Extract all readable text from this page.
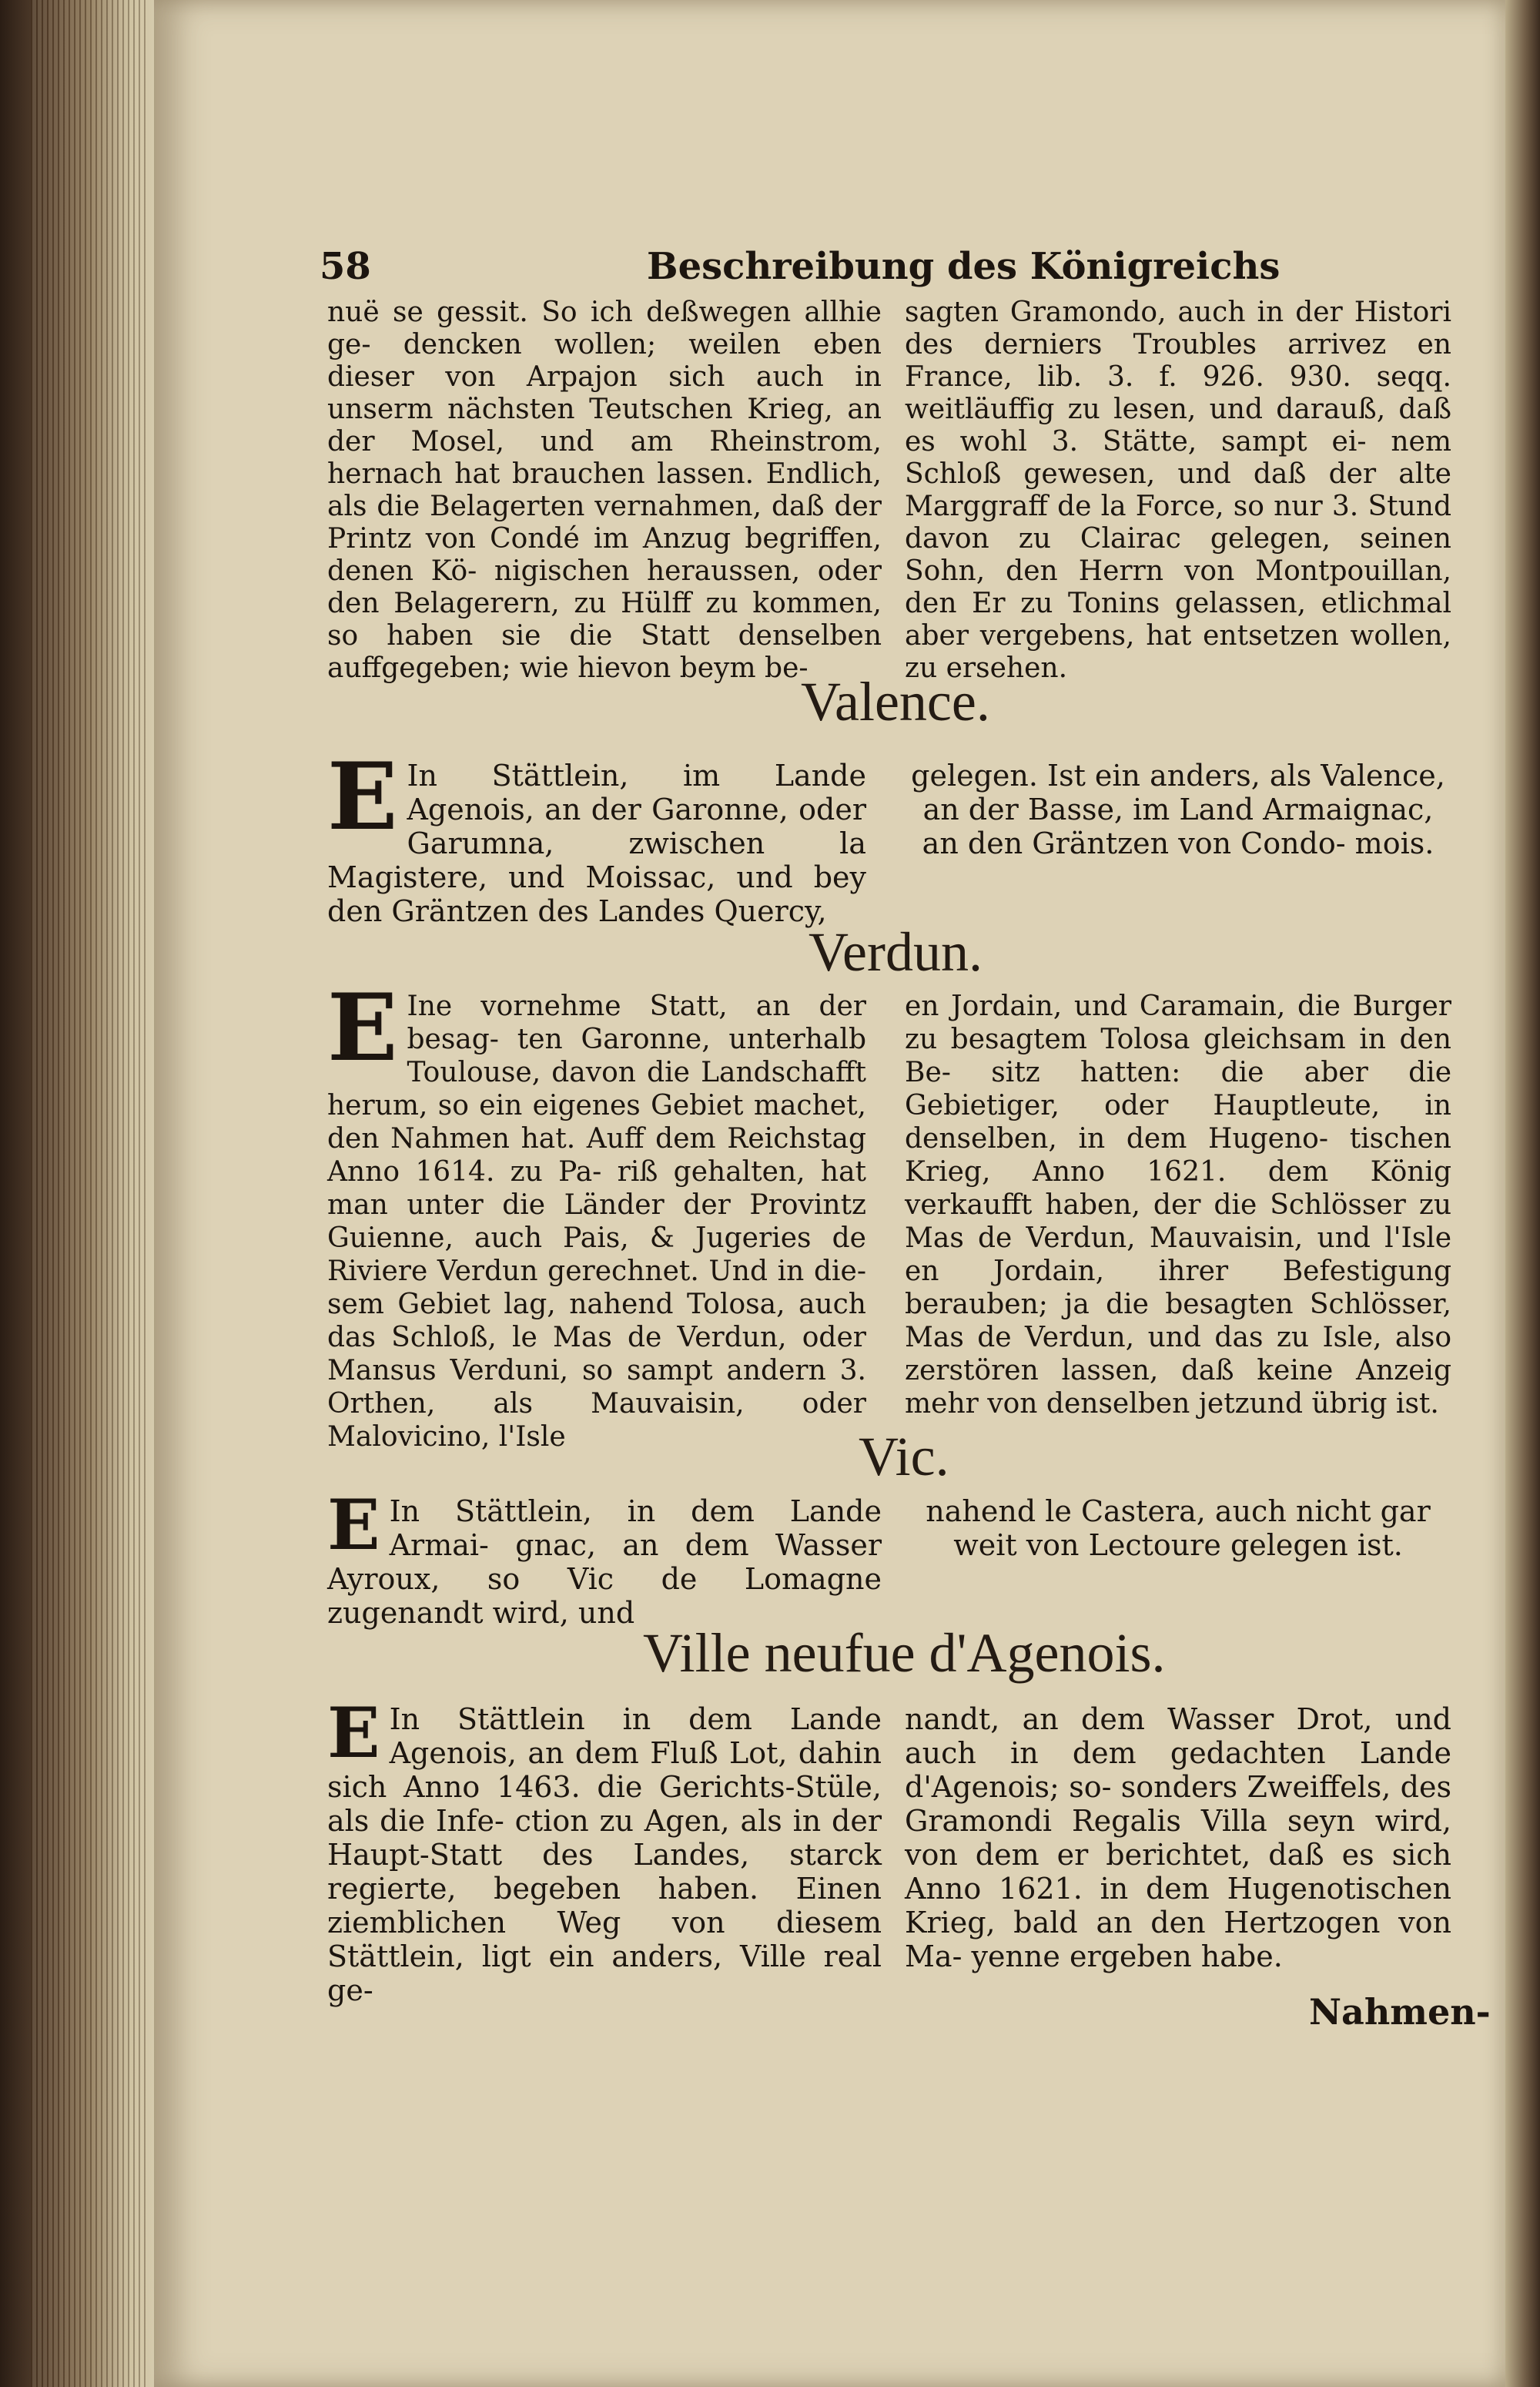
58	Beschreibung des Königreichs

nuë se gessit. So ich deßwegen allhie ge- dencken wollen; weilen eben dieser von Arpajon sich auch in unserm nächsten Teutschen Krieg, an der Mosel, und am Rheinstrom, hernach hat brauchen lassen. Endlich, als die Belagerten vernahmen, daß der Printz von Condé im Anzug begriffen, denen Kö- nigischen heraussen, oder den Belagerern, zu Hülff zu kommen, so haben sie die Statt denselben auffgegeben; wie hievon beym be-

sagten Gramondo, auch in der Histori des derniers Troubles arrivez en France, lib. 3. f. 926. 930. seqq. weitläuffig zu lesen, und darauß, daß es wohl 3. Stätte, sampt ei- nem Schloß gewesen, und daß der alte Marggraff de la Force, so nur 3. Stund davon zu Clairac gelegen, seinen Sohn, den Herrn von Montpouillan, den Er zu Tonins gelassen, etlichmal aber vergebens, hat entsetzen wollen, zu ersehen.

Valence.
E In Stättlein, im Lande Agenois, an der Garonne, oder Garumna, zwischen la Magistere, und Moissac, und bey den Gräntzen des Landes Quercy,

gelegen. Ist ein anders, als Valence, an der Basse, im Land Armaignac, an den Gräntzen von Condo- mois.

Verdun.
E Ine vornehme Statt, an der besag- ten Garonne, unterhalb Toulouse, davon die Landschafft herum, so ein eigenes Gebiet machet, den Nahmen hat. Auff dem Reichstag Anno 1614. zu Pa- riß gehalten, hat man unter die Länder der Provintz Guienne, auch Pais, & Jugeries de Riviere Verdun gerechnet. Und in die- sem Gebiet lag, nahend Tolosa, auch das Schloß, le Mas de Verdun, oder Mansus Verduni, so sampt andern 3. Orthen, als Mauvaisin, oder Malovicino, l'Isle

en Jordain, und Caramain, die Burger zu besagtem Tolosa gleichsam in den Be- sitz hatten: die aber die Gebietiger, oder Hauptleute, in denselben, in dem Hugeno- tischen Krieg, Anno 1621. dem König verkaufft haben, der die Schlösser zu Mas de Verdun, Mauvaisin, und l'Isle en Jordain, ihrer Befestigung berauben; ja die besagten Schlösser, Mas de Verdun, und das zu Isle, also zerstören lassen, daß keine Anzeig mehr von denselben jetzund übrig ist.

Vic.
E In Stättlein, in dem Lande Armai- gnac, an dem Wasser Ayroux, so Vic de Lomagne zugenandt wird, und

nahend le Castera, auch nicht gar weit von Lectoure gelegen ist.

Ville neufue d'Agenois.
E In Stättlein in dem Lande Agenois, an dem Fluß Lot, dahin sich Anno 1463. die Gerichts-Stüle, als die Infe- ction zu Agen, als in der Haupt-Statt des Landes, starck regierte, begeben haben. Einen ziemblichen Weg von diesem Stättlein, ligt ein anders, Ville real ge-

nandt, an dem Wasser Drot, und auch in dem gedachten Lande d'Agenois; so- sonders Zweiffels, des Gramondi Regalis Villa seyn wird, von dem er berichtet, daß es sich Anno 1621. in dem Hugenotischen Krieg, bald an den Hertzogen von Ma- yenne ergeben habe.

Nahmen-
